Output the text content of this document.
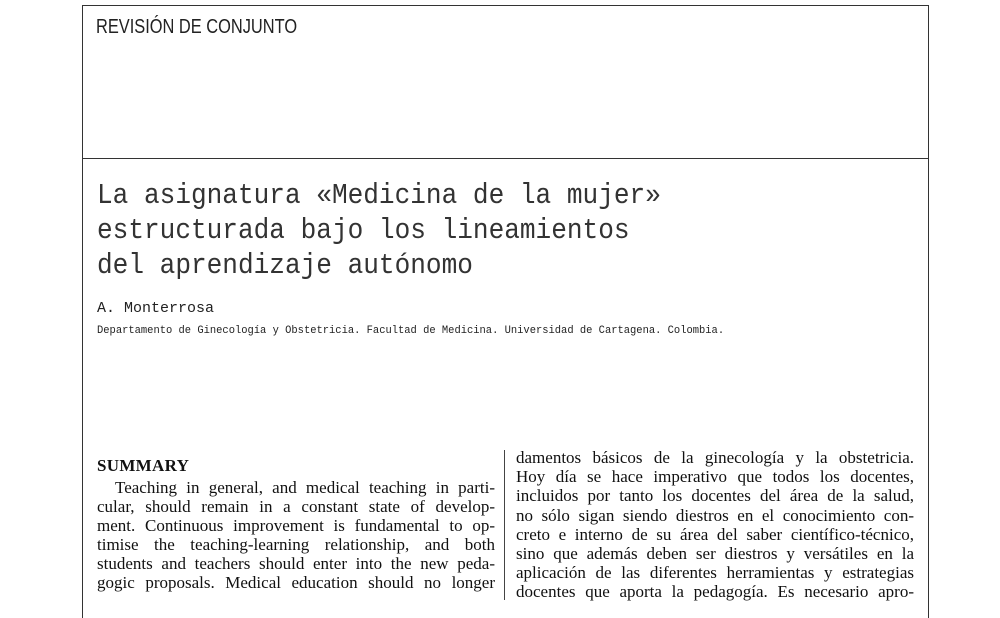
REVISIÓN DE CONJUNTO
La asignatura «Medicina de la mujer»
estructurada bajo los lineamientos
del aprendizaje autónomo
A. Monterrosa
Departamento de Ginecología y Obstetricia. Facultad de Medicina. Universidad de Cartagena. Colombia.
SUMMARY

Teaching in general, and medical teaching in parti-
cular, should remain in a constant state of develop-
ment. Continuous improvement is fundamental to op-
timise the teaching-learning relationship, and both
students and teachers should enter into the new peda-
gogic proposals. Medical education should no longer

damentos básicos de la ginecología y la obstetricia.
Hoy día se hace imperativo que todos los docentes,
incluidos por tanto los docentes del área de la salud,
no sólo sigan siendo diestros en el conocimiento con-
creto e interno de su área del saber científico-técnico,
sino que además deben ser diestros y versátiles en la
aplicación de las diferentes herramientas y estrategias
docentes que aporta la pedagogía. Es necesario apro-
